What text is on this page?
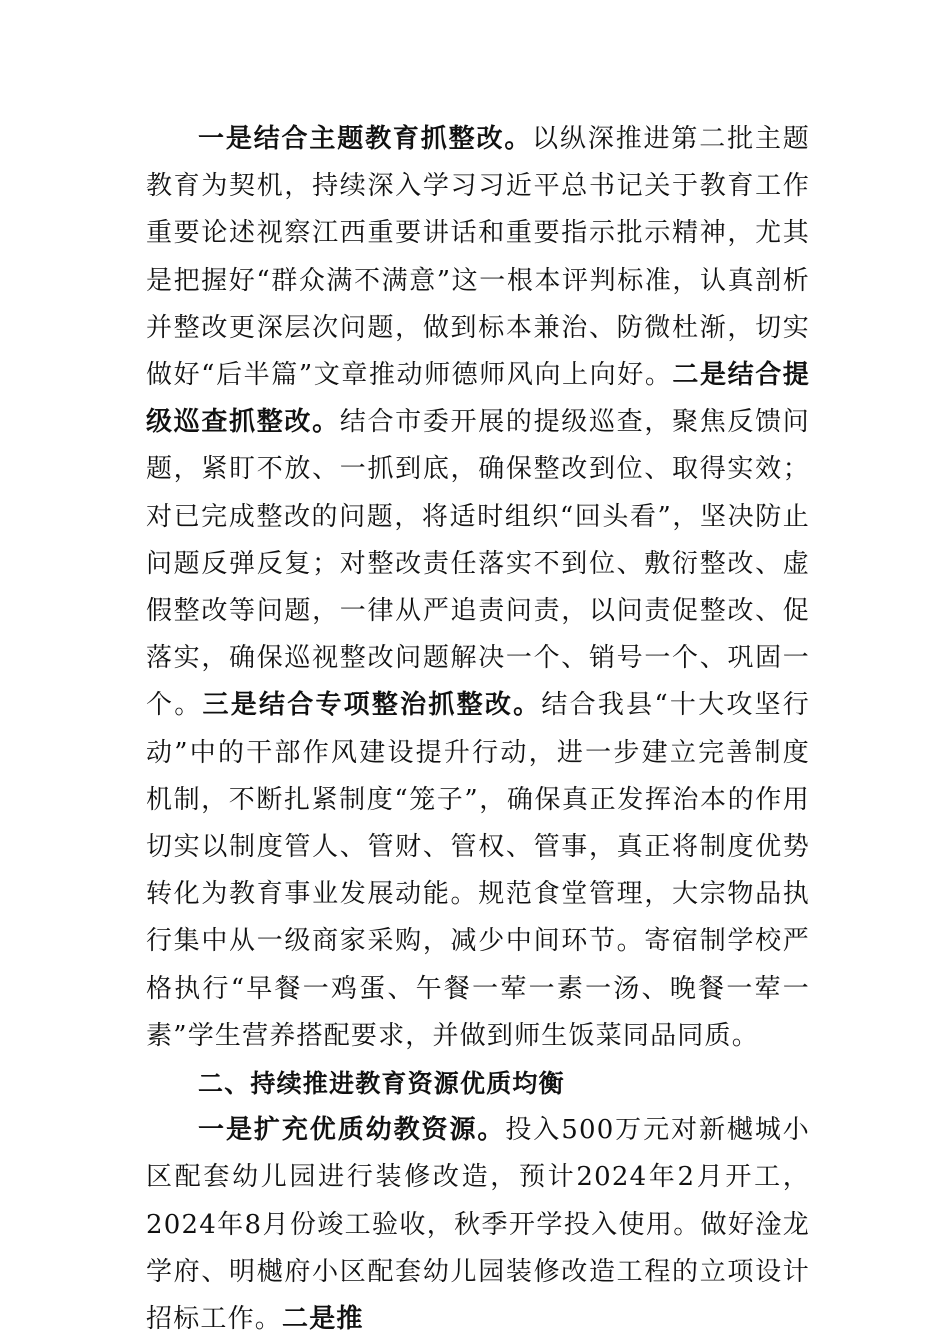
一是结合主题教育抓整改。以纵深推进第二批主题教育为契机，持续深入学习习近平总书记关于教育工作重要论述视察江西重要讲话和重要指示批示精神，尤其是把握好“群众满不满意”这一根本评判标准，认真剖析并整改更深层次问题，做到标本兼治、防微杜渐，切实做好“后半篇”文章推动师德师风向上向好。二是结合提级巡查抓整改。结合市委开展的提级巡查，聚焦反馈问题，紧盯不放、一抓到底，确保整改到位、取得实效；对已完成整改的问题，将适时组织“回头看”，坚决防止问题反弹反复；对整改责任落实不到位、敷衍整改、虚假整改等问题，一律从严追责问责，以问责促整改、促落实，确保巡视整改问题解决一个、销号一个、巩固一个。三是结合专项整治抓整改。结合我县“十大攻坚行动”中的干部作风建设提升行动，进一步建立完善制度机制，不断扎紧制度“笼子”，确保真正发挥治本的作用切实以制度管人、管财、管权、管事，真正将制度优势转化为教育事业发展动能。规范食堂管理，大宗物品执行集中从一级商家采购，减少中间环节。寄宿制学校严格执行“早餐一鸡蛋、午餐一荤一素一汤、晚餐一荤一素”学生营养搭配要求，并做到师生饭菜同品同质。

二、持续推进教育资源优质均衡

一是扩充优质幼教资源。投入500万元对新樾城小区配套幼儿园进行装修改造，预计2024年2月开工，2024年8月份竣工验收，秋季开学投入使用。做好淦龙学府、明樾府小区配套幼儿园装修改造工程的立项设计招标工作。二是推
